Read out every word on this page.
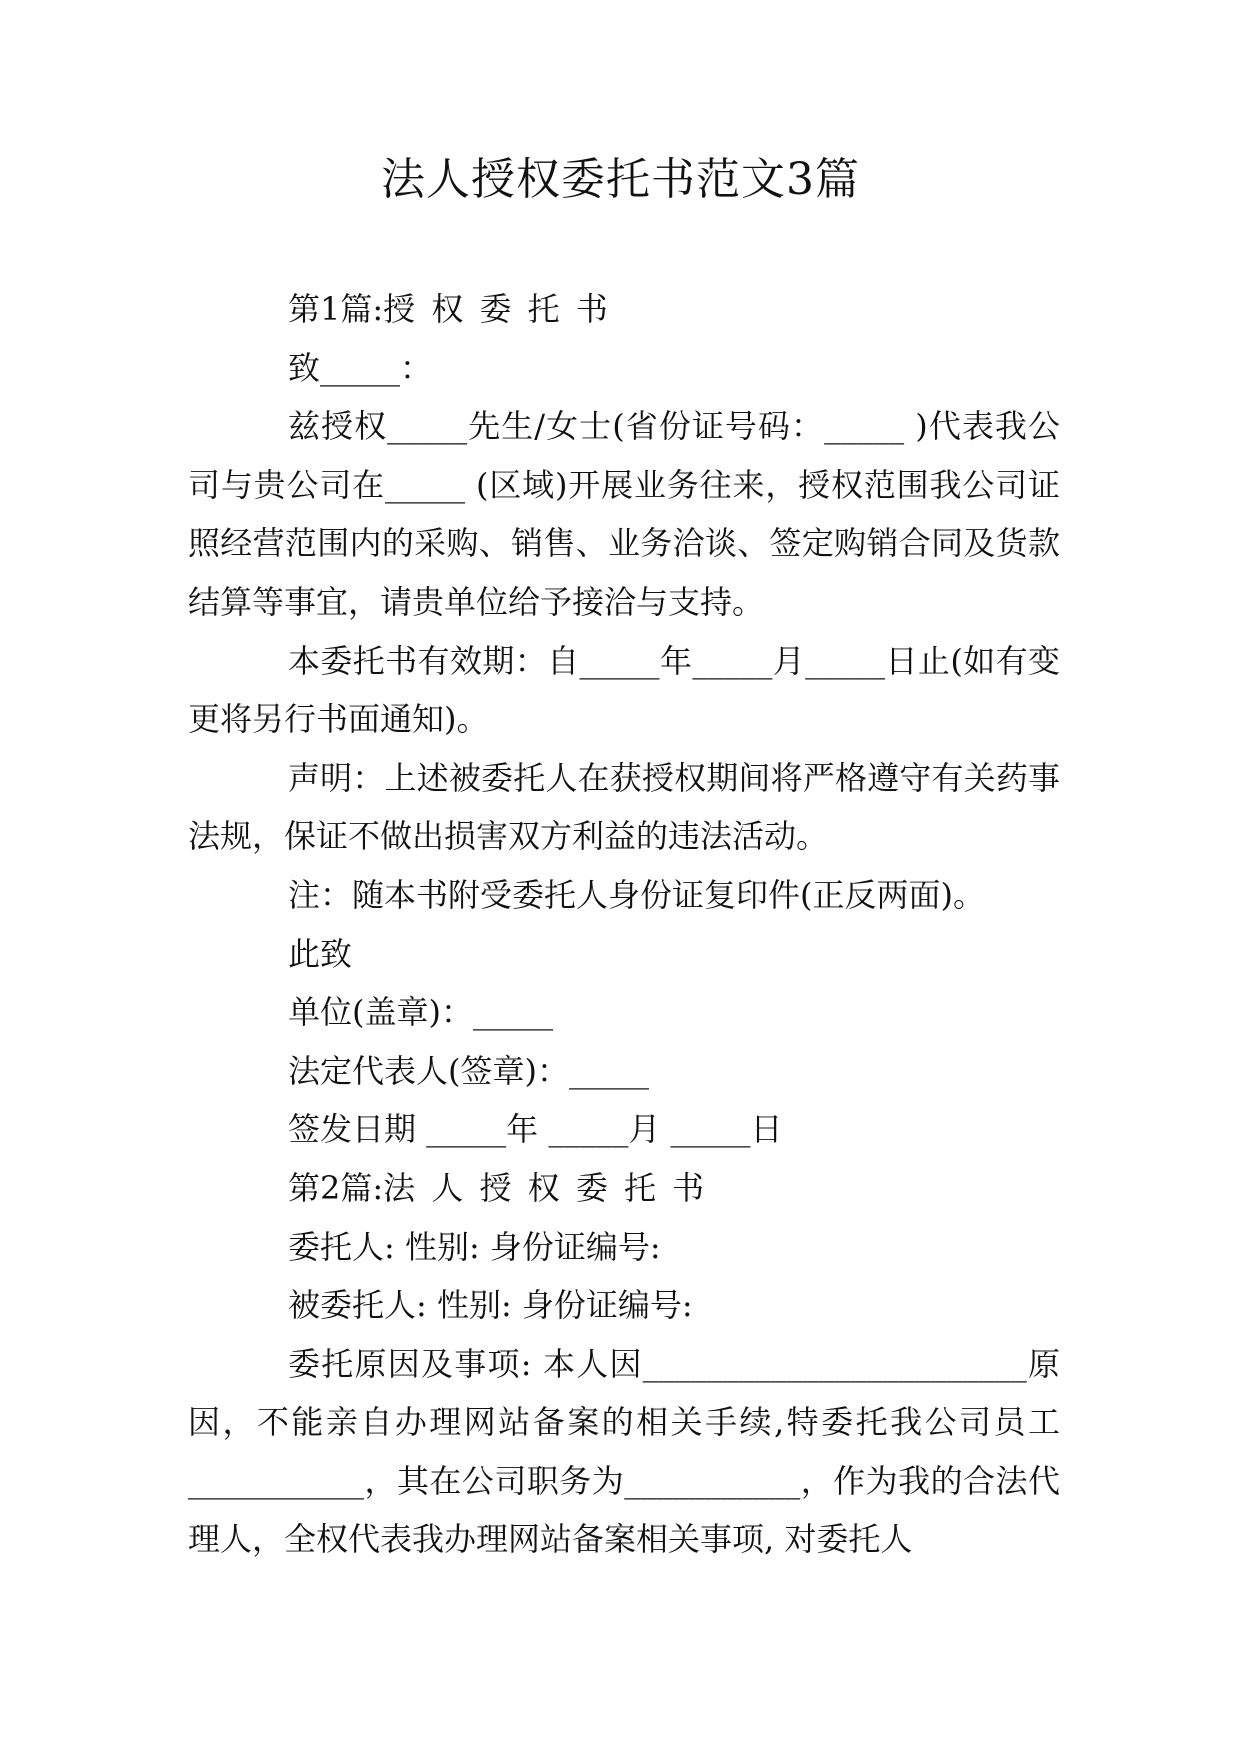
法人授权委托书范文3篇

第1篇:授 权 委 托 书

致_____：

兹授权_____先生/女士(省份证号码：_____ )代表我公司与贵公司在_____ (区域)开展业务往来，授权范围我公司证照经营范围内的采购、销售、业务洽谈、签定购销合同及货款结算等事宜，请贵单位给予接洽与支持。

本委托书有效期：自_____年_____月_____日止(如有变更将另行书面通知)。

声明：上述被委托人在获授权期间将严格遵守有关药事法规，保证不做出损害双方利益的违法活动。

注：随本书附受委托人身份证复印件(正反两面)。

此致

单位(盖章)：_____

法定代表人(签章)：_____

签发日期 _____年 _____月 _____日

第2篇:法 人 授 权 委 托 书

委托人: 性别: 身份证编号:

被委托人: 性别: 身份证编号:

委托原因及事项: 本人因________________________原因，不能亲自办理网站备案的相关手续,特委托我公司员工___________，其在公司职务为___________，作为我的合法代理人，全权代表我办理网站备案相关事项, 对委托人
